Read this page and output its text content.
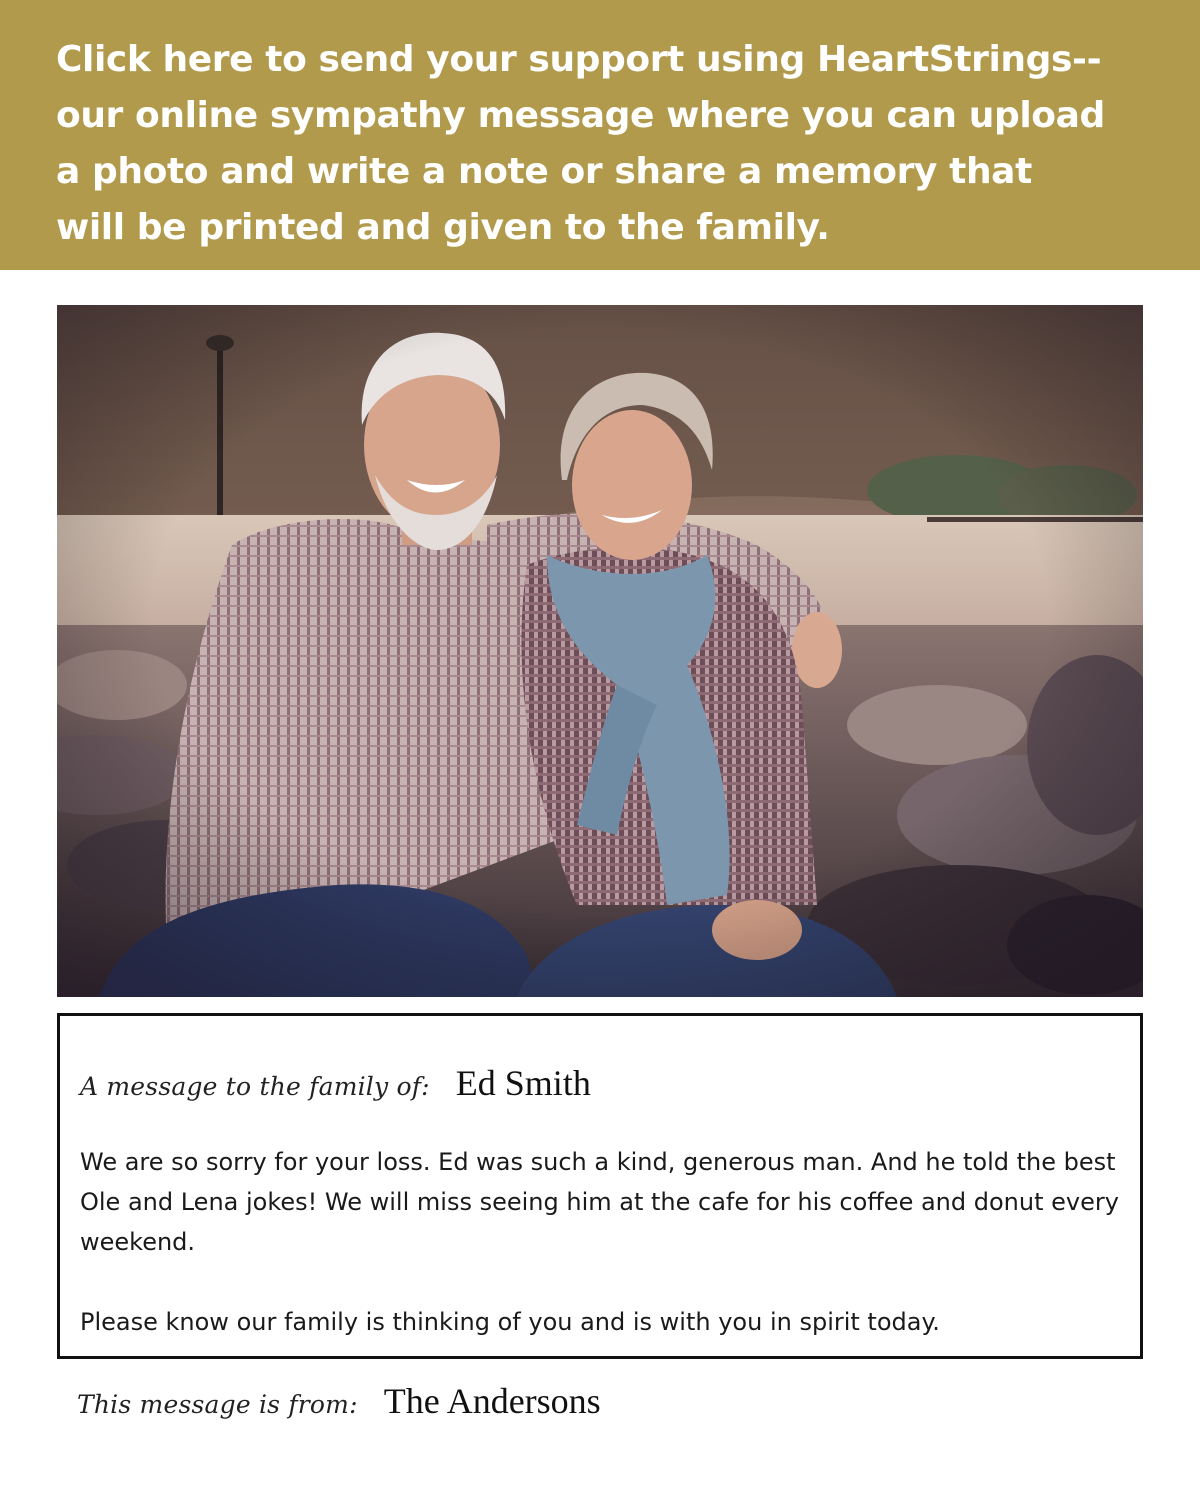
Click here to send your support using HeartStrings--
our online sympathy message where you can upload
a photo and write a note or share a memory that
will be printed and given to the family.
A message to the family of: Ed Smith

We are so sorry for your loss. Ed was such a kind, generous man. And he told the best Ole and Lena jokes! We will miss seeing him at the cafe for his coffee and donut every weekend.

Please know our family is thinking of you and is with you in spirit today.

This message is from: The Andersons
